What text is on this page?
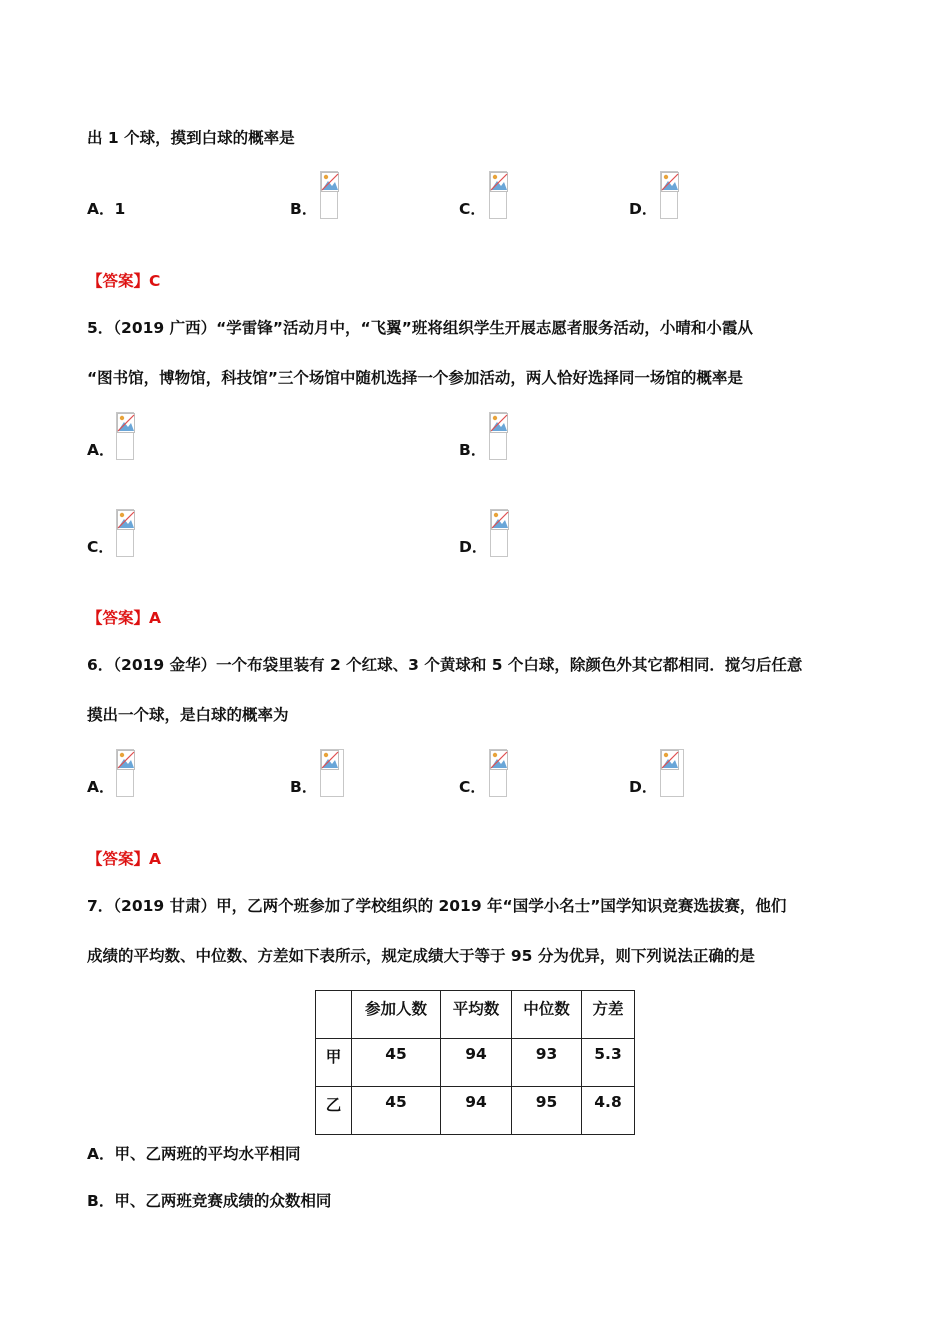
出 1 个球，摸到白球的概率是
A．1	B．	C．	D．
【答案】C
5．（2019 广西）“学雷锋”活动月中，“飞翼”班将组织学生开展志愿者服务活动，小晴和小霞从
“图书馆，博物馆，科技馆”三个场馆中随机选择一个参加活动，两人恰好选择同一场馆的概率是
A．	B．
C．	D．
【答案】A
6．（2019 金华）一个布袋里装有 2 个红球、3 个黄球和 5 个白球，除颜色外其它都相同．搅匀后任意
摸出一个球，是白球的概率为
A．	B．	C．	D．
【答案】A
7．（2019 甘肃）甲，乙两个班参加了学校组织的 2019 年“国学小名士”国学知识竞赛选拔赛，他们
成绩的平均数、中位数、方差如下表所示，规定成绩大于等于 95 分为优异，则下列说法正确的是
	参加人数	平均数	中位数	方差
甲	45	94	93	5.3
乙	45	94	95	4.8
A．甲、乙两班的平均水平相同
B．甲、乙两班竞赛成绩的众数相同
